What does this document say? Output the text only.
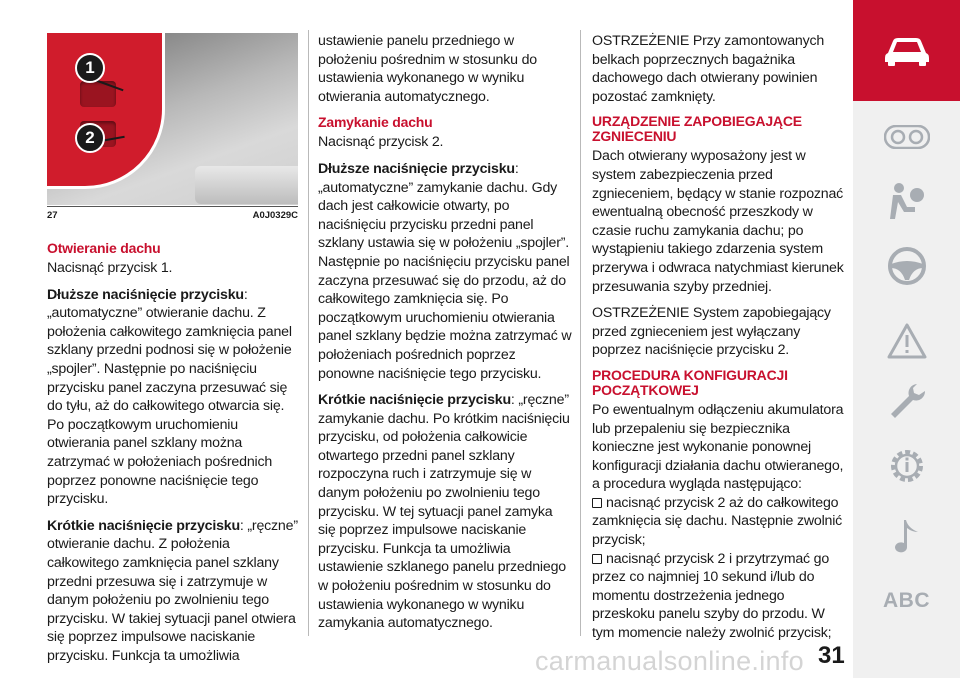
1
2
27	A0J0329C
Otwieranie dachu

Nacisnąć przycisk 1.

Dłuższe naciśnięcie przycisku: „automatyczne” otwieranie dachu. Z położenia całkowitego zamknięcia panel szklany przedni podnosi się w położenie „spojler”. Następnie po naciśnięciu przycisku panel zaczyna przesuwać się do tyłu, aż do całkowitego otwarcia się. Po początkowym uruchomieniu otwierania panel szklany można zatrzymać w położeniach pośrednich poprzez ponowne naciśnięcie tego przycisku.

Krótkie naciśnięcie przycisku: „ręczne” otwieranie dachu. Z położenia całkowitego zamknięcia panel szklany przedni przesuwa się i zatrzymuje w danym położeniu po zwolnieniu tego przycisku. W takiej sytuacji panel otwiera się poprzez impulsowe naciskanie przycisku. Funkcja ta umożliwia

ustawienie panelu przedniego w położeniu pośrednim w stosunku do ustawienia wykonanego w wyniku otwierania automatycznego.

Zamykanie dachu

Nacisnąć przycisk 2.

Dłuższe naciśnięcie przycisku: „automatyczne” zamykanie dachu. Gdy dach jest całkowicie otwarty, po naciśnięciu przycisku przedni panel szklany ustawia się w położeniu „spojler”. Następnie po naciśnięciu przycisku panel zaczyna przesuwać się do przodu, aż do całkowitego zamknięcia się. Po początkowym uruchomieniu otwierania panel szklany będzie można zatrzymać w położeniach pośrednich poprzez ponowne naciśnięcie tego przycisku.

Krótkie naciśnięcie przycisku: „ręczne” zamykanie dachu. Po krótkim naciśnięciu przycisku, od położenia całkowicie otwartego przedni panel szklany rozpoczyna ruch i zatrzymuje się w danym położeniu po zwolnieniu tego przycisku. W tej sytuacji panel zamyka się poprzez impulsowe naciskanie przycisku. Funkcja ta umożliwia ustawienie szklanego panelu przedniego w położeniu pośrednim w stosunku do ustawienia wykonanego w wyniku zamykania automatycznego.

OSTRZEŻENIE Przy zamontowanych belkach poprzecznych bagażnika dachowego dach otwierany powinien pozostać zamknięty.

URZĄDZENIE ZAPOBIEGAJĄCE ZGNIECENIU

Dach otwierany wyposażony jest w system zabezpieczenia przed zgnieceniem, będący w stanie rozpoznać ewentualną obecność przeszkody w czasie ruchu zamykania dachu; po wystąpieniu takiego zdarzenia system przerywa i odwraca natychmiast kierunek przesuwania szyby przedniej.

OSTRZEŻENIE System zapobiegający przed zgnieceniem jest wyłączany poprzez naciśnięcie przycisku 2.

PROCEDURA KONFIGURACJI POCZĄTKOWEJ

Po ewentualnym odłączeniu akumulatora lub przepaleniu się bezpiecznika konieczne jest wykonanie ponownej konfiguracji działania dachu otwieranego, a procedura wygląda następująco:

nacisnąć przycisk 2 aż do całkowitego zamknięcia się dachu. Następnie zwolnić przycisk;

nacisnąć przycisk 2 i przytrzymać go przez co najmniej 10 sekund i/lub do momentu dostrzeżenia jednego przeskoku panelu szyby do przodu. W tym momencie należy zwolnić przycisk;

ABC
carmanualsonline.info 31
